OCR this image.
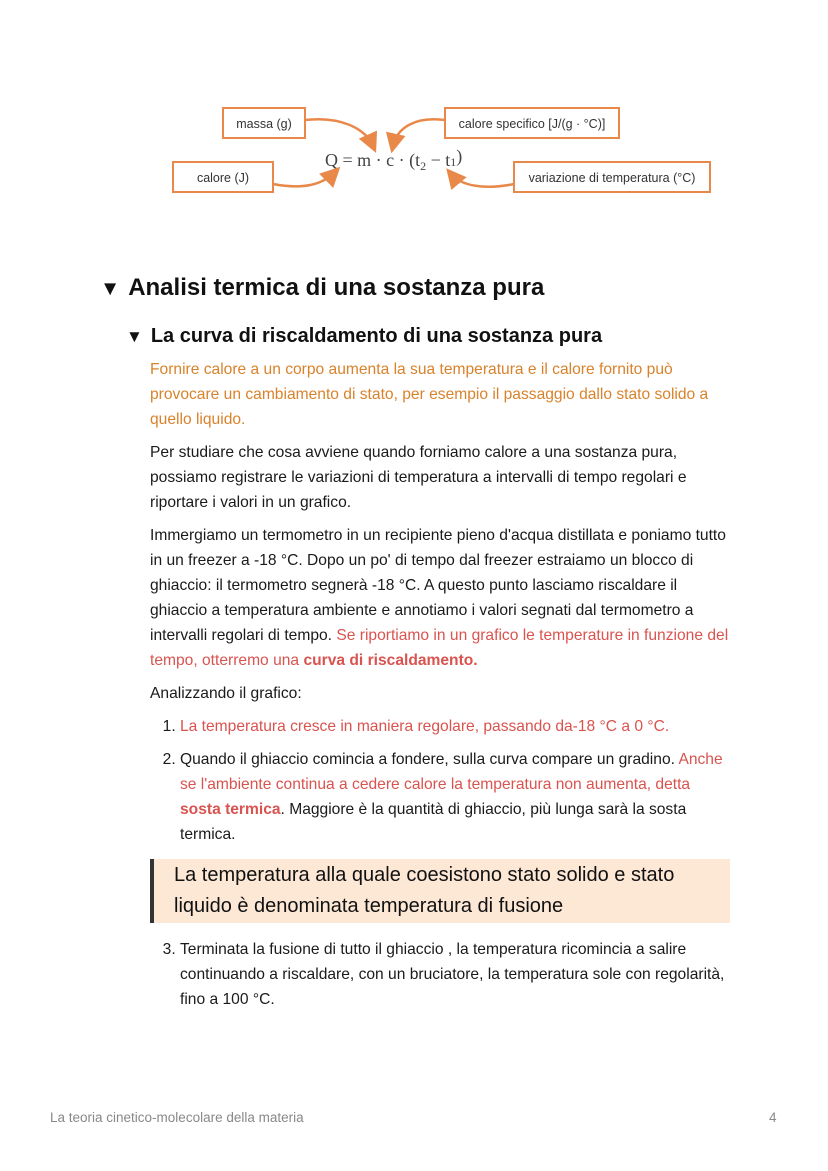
massa (g)	calore specifico [J/(g · °C)]
calore (J)	variazione di temperatura (°C)
$Q = m \cdot c \cdot (t_2 - t1)$
▼ Analisi termica di una sostanza pura
▼ La curva di riscaldamento di una sostanza pura

Fornire calore a un corpo aumenta la sua temperatura e il calore fornito può provocare un cambiamento di stato, per esempio il passaggio dallo stato solido a quello liquido.

Per studiare che cosa avviene quando forniamo calore a una sostanza pura, possiamo registrare le variazioni di temperatura a intervalli di tempo regolari e riportare i valori in un grafico.

Immergiamo un termometro in un recipiente pieno d'acqua distillata e poniamo tutto in un freezer a -18 °C. Dopo un po' di tempo dal freezer estraiamo un blocco di ghiaccio: il termometro segnerà -18 °C. A questo punto lasciamo riscaldare il ghiaccio a temperatura ambiente e annotiamo i valori segnati dal termometro a intervalli regolari di tempo. Se riportiamo in un grafico le temperature in funzione del tempo, otterremo una curva di riscaldamento.

Analizzando il grafico:

1. La temperatura cresce in maniera regolare, passando da-18 °C a 0 °C.
2. Quando il ghiaccio comincia a fondere, sulla curva compare un gradino. Anche se l'ambiente continua a cedere calore la temperatura non aumenta, detta sosta termica. Maggiore è la quantità di ghiaccio, più lunga sarà la sosta termica.
La temperatura alla quale coesistono stato solido e stato liquido è denominata temperatura di fusione
3. Terminata la fusione di tutto il ghiaccio , la temperatura ricomincia a salire continuando a riscaldare, con un bruciatore, la temperatura sole con regolarità, fino a 100 °C.
La teoria cinetico-molecolare della materia	4
